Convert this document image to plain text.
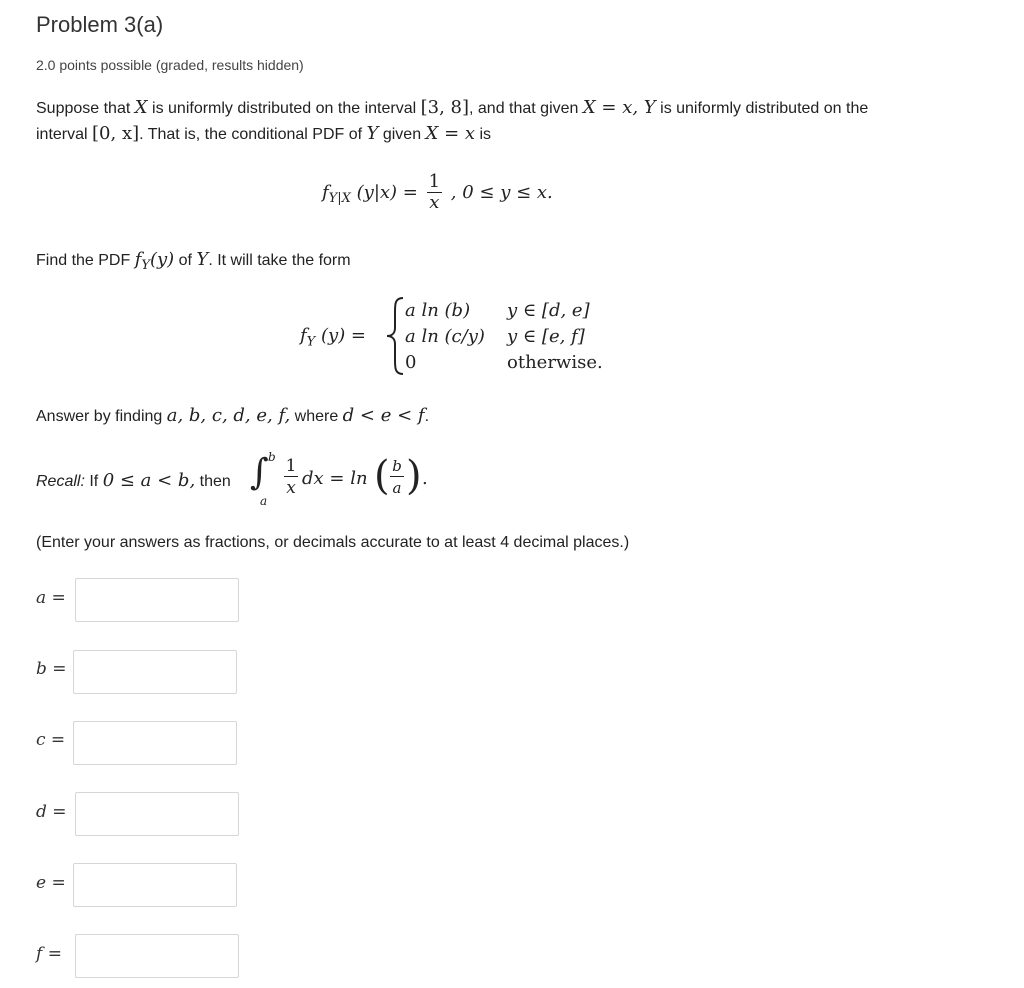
Problem 3(a)
2.0 points possible (graded, results hidden)
Suppose that X is uniformly distributed on the interval [3, 8], and that given X = x, Y is uniformly distributed on the
interval [0, x]. That is, the conditional PDF of Y given X = x is
$f_{Y|X}$ $(y|x) = \frac{1}{x}$ , 0 ≤ y ≤ x.
Find the PDF $f_Y(y)$ of Y. It will take the form
$f_Y$ (y) =
a ln (b)
a ln (c/y)
0
y ∈ [d, e]
y ∈ [e, f]
otherwise.
Answer by finding a, b, c, d, e, f, where d < e < f.
Recall: If 0 ≤ a < b, then ∫ b
a
1
x dx = ln ( b
a ) .
(Enter your answers as fractions, or decimals accurate to at least 4 decimal places.)
a =
b =
c =
d =
e =
f =
